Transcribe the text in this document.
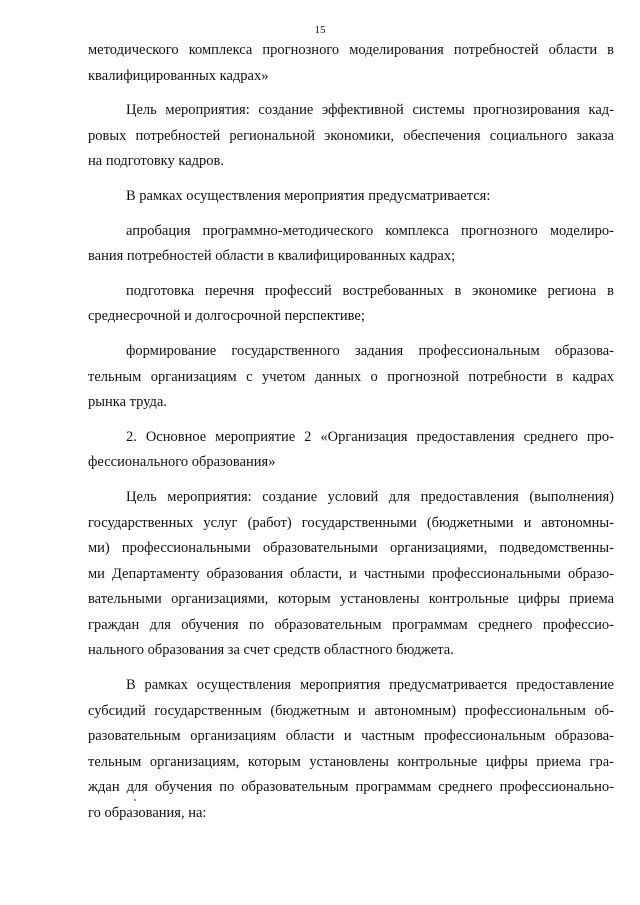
15
методического комплекса прогнозного моделирования потребностей области в
квалифицированных кадрах»
Цель мероприятия: создание эффективной системы прогнозирования кад-
ровых потребностей региональной экономики, обеспечения социального заказа
на подготовку кадров.
В рамках осуществления мероприятия предусматривается:
апробация программно-методического комплекса прогнозного моделиро-
вания потребностей области в квалифицированных кадрах;
подготовка перечня профессий востребованных в экономике региона в
среднесрочной и долгосрочной перспективе;
формирование государственного задания профессиональным образова-
тельным организациям с учетом данных о прогнозной потребности в кадрах
рынка труда.
2. Основное мероприятие 2 «Организация предоставления среднего про-
фессионального образования»
Цель мероприятия: создание условий для предоставления (выполнения)
государственных услуг (работ) государственными (бюджетными и автономны-
ми) профессиональными образовательными организациями, подведомственны-
ми Департаменту образования области, и частными профессиональными образо-
вательными организациями, которым установлены контрольные цифры приема
граждан для обучения по образовательным программам среднего профессио-
нального образования за счет средств областного бюджета.
В рамках осуществления мероприятия предусматривается предоставление
субсидий государственным (бюджетным и автономным) профессиональным об-
разовательным организациям области и частным профессиональным образова-
тельным организациям, которым установлены контрольные цифры приема гра-
ждан для обучения по образовательным программам среднего профессионально-
го образования, на:
